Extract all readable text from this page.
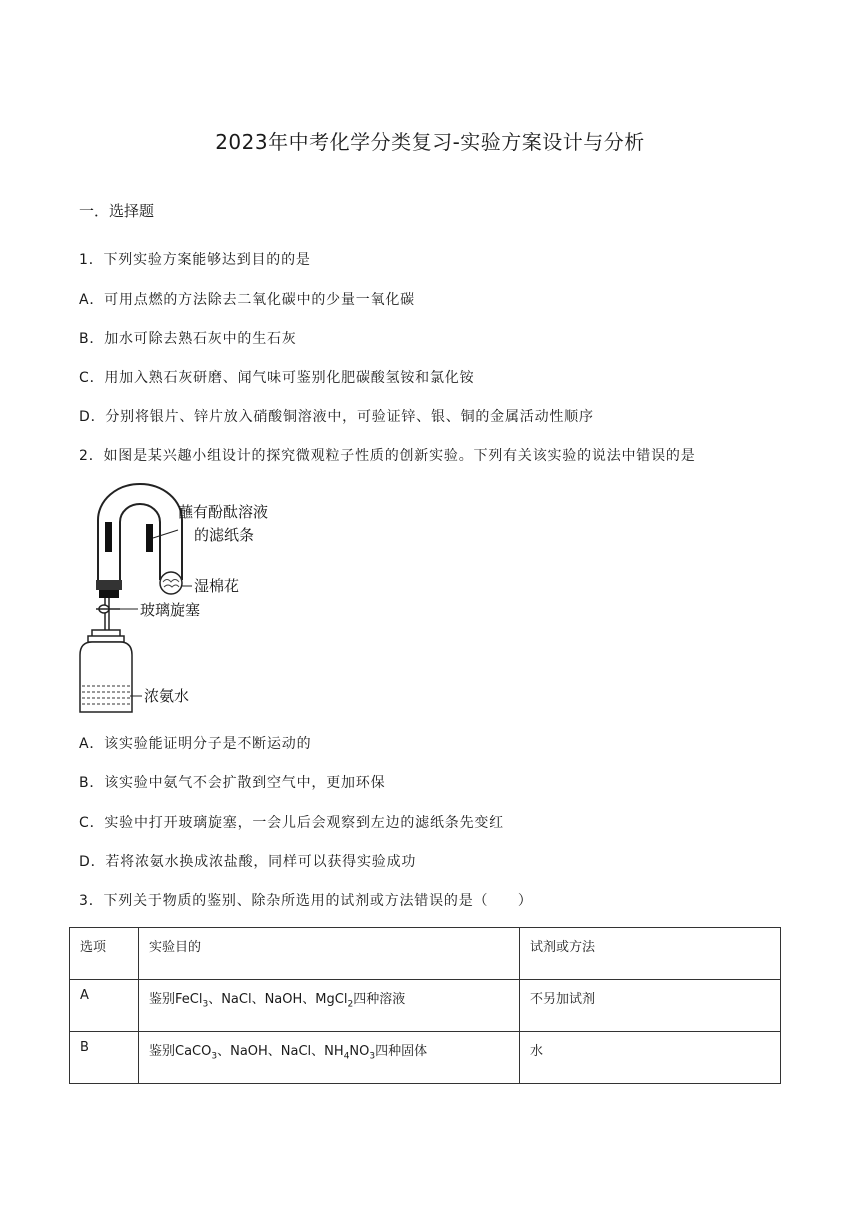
2023年中考化学分类复习-实验方案设计与分析
一．选择题
1．下列实验方案能够达到目的的是
A．可用点燃的方法除去二氧化碳中的少量一氧化碳
B．加水可除去熟石灰中的生石灰
C．用加入熟石灰研磨、闻气味可鉴别化肥碳酸氢铵和氯化铵
D．分别将银片、锌片放入硝酸铜溶液中，可验证锌、银、铜的金属活动性顺序
2．如图是某兴趣小组设计的探究微观粒子性质的创新实验。下列有关该实验的说法中错误的是
蘸有酚酞溶液
的滤纸条
湿棉花
玻璃旋塞
浓氨水
A．该实验能证明分子是不断运动的
B．该实验中氨气不会扩散到空气中，更加环保
C．实验中打开玻璃旋塞，一会儿后会观察到左边的滤纸条先变红
D．若将浓氨水换成浓盐酸，同样可以获得实验成功
3．下列关于物质的鉴别、除杂所选用的试剂或方法错误的是（　　）
选项	实验目的	试剂或方法
A	鉴别FeCl$_3$、NaCl、NaOH、MgCl$_2$四种溶液	不另加试剂
B	鉴别CaCO$_3$、NaOH、NaCl、$NH_4NO_3$四种固体	水
